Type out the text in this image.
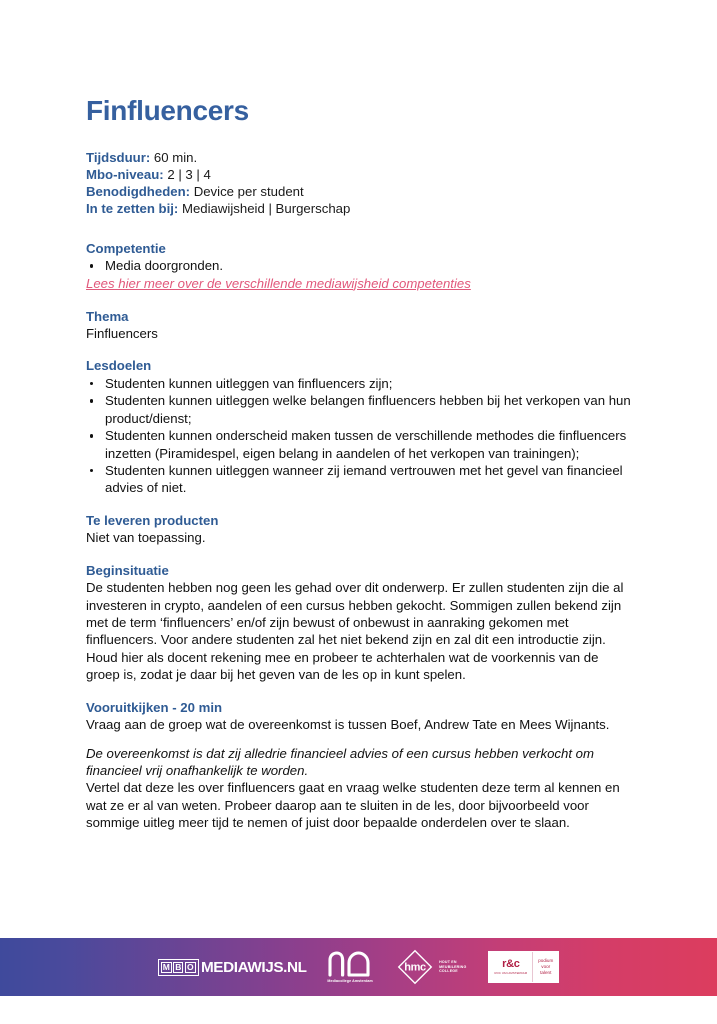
Finfluencers
Tijdsduur: 60 min.
Mbo-niveau: 2 | 3 | 4
Benodigdheden: Device per student
In te zetten bij: Mediawijsheid | Burgerschap
Competentie
Media doorgronden.
Lees hier meer over de verschillende mediawijsheid competenties
Thema

Finfluencers

Lesdoelen
Studenten kunnen uitleggen van finfluencers zijn;
Studenten kunnen uitleggen welke belangen finfluencers hebben bij het verkopen van hun product/dienst;
Studenten kunnen onderscheid maken tussen de verschillende methodes die finfluencers inzetten (Piramidespel, eigen belang in aandelen of het verkopen van trainingen);
Studenten kunnen uitleggen wanneer zij iemand vertrouwen met het gevel van financieel advies of niet.
Te leveren producten

Niet van toepassing.

Beginsituatie

De studenten hebben nog geen les gehad over dit onderwerp. Er zullen studenten zijn die al investeren in crypto, aandelen of een cursus hebben gekocht. Sommigen zullen bekend zijn met de term ‘finfluencers’ en/of zijn bewust of onbewust in aanraking gekomen met finfluencers. Voor andere studenten zal het niet bekend zijn en zal dit een introductie zijn. Houd hier als docent rekening mee en probeer te achterhalen wat de voorkennis van de groep is, zodat je daar bij het geven van de les op in kunt spelen.

Vooruitkijken - 20 min

Vraag aan de groep wat de overeenkomst is tussen Boef, Andrew Tate en Mees Wijnants.

De overeenkomst is dat zij alledrie financieel advies of een cursus hebben verkocht om financieel vrij onafhankelijk te worden.

Vertel dat deze les over finfluencers gaat en vraag welke studenten deze term al kennen en wat ze er al van weten. Probeer daarop aan te sluiten in de les, door bijvoorbeeld voor sommige uitleg meer tijd te nemen of juist door bepaalde onderdelen over te slaan.

M B O MEDIAWIJS.NL
Mediacollege Amsterdam
hmc	HOUT EN
MEUBILERING
COLLEGE
r&c
ROC VAN AMSTERDAM
podium
voor
talent
